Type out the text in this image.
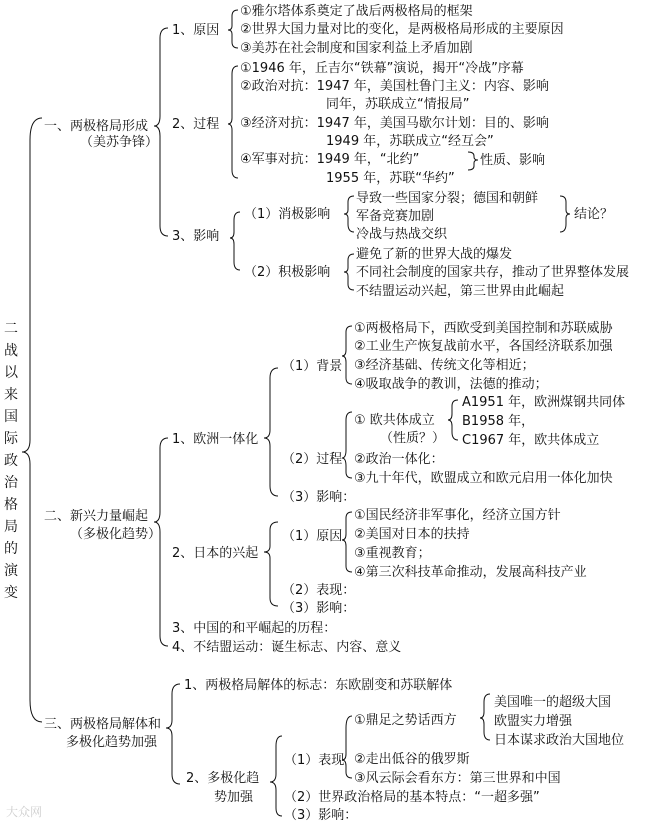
二战以来国际政治格局的演变
一、两极格局形成
（美苏争锋）
1、原因
①雅尔塔体系奠定了战后两极格局的框架
②世界大国力量对比的变化，是两极格局形成的主要原因
③美苏在社会制度和国家利益上矛盾加剧
2、过程
①1946 年，丘吉尔“铁幕”演说，揭开“冷战”序幕
②政治对抗：1947 年，美国杜鲁门主义：内容、影响
同年，苏联成立“情报局”
③经济对抗：1947 年，美国马歇尔计划：目的、影响
1949 年，苏联成立“经互会”
④军事对抗：1949 年，“北约”
1955 年，苏联“华约”
性质、影响
3、影响
（1）消极影响
导致一些国家分裂；德国和朝鲜
军备竞赛加剧
冷战与热战交织
结论？
（2）积极影响
避免了新的世界大战的爆发
不同社会制度的国家共存，推动了世界整体发展
不结盟运动兴起，第三世界由此崛起
二、新兴力量崛起
（多极化趋势）
1、欧洲一体化
（1）背景
①两极格局下，西欧受到美国控制和苏联威胁
②工业生产恢复战前水平，各国经济联系加强
③经济基础、传统文化等相近；
④吸取战争的教训，法德的推动；
（2）过程
① 欧共体成立
（性质？）
A1951 年，欧洲煤钢共同体
B1958 年，
C1967 年，欧共体成立
②政治一体化：
③九十年代，欧盟成立和欧元启用一体化加快
（3）影响：
2、日本的兴起
（1）原因
①国民经济非军事化，经济立国方针
②美国对日本的扶持
③重视教育；
④第三次科技革命推动，发展高科技产业
（2）表现：
（3）影响：
3、中国的和平崛起的历程：
4、不结盟运动：诞生标志、内容、意义
三、两极格局解体和
多极化趋势加强
1、两极格局解体的标志：东欧剧变和苏联解体
2、多极化趋
势加强
（1）表现
①鼎足之势话西方
美国唯一的超级大国
欧盟实力增强
日本谋求政治大国地位
②走出低谷的俄罗斯
③风云际会看东方：第三世界和中国
（2）世界政治格局的基本特点：“一超多强”
（3）影响：
大众网
